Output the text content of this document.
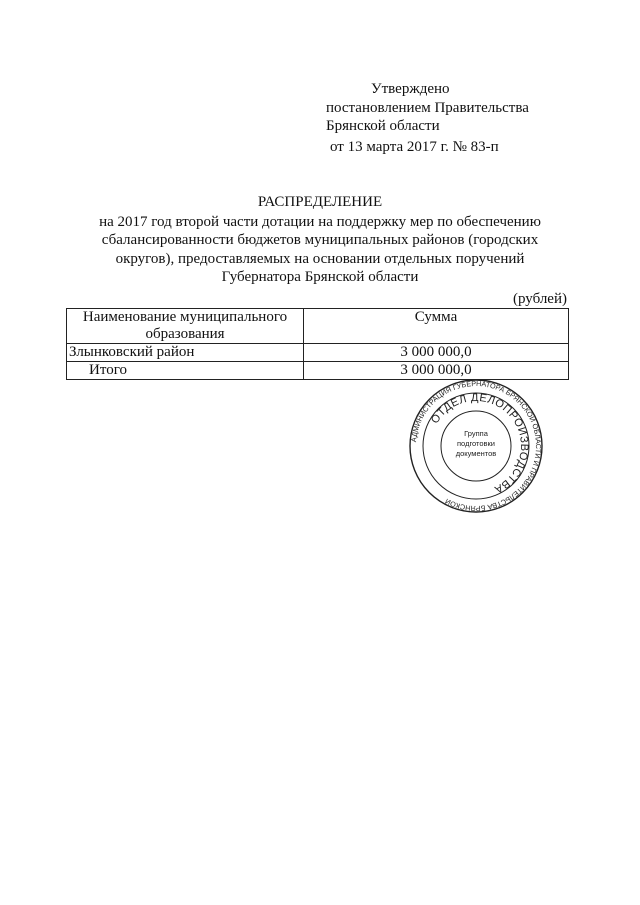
Утверждено
постановлением Правительства
Брянской области
от 13 марта 2017 г. № 83-п
РАСПРЕДЕЛЕНИЕ
на 2017 год второй части дотации на поддержку мер по обеспечению
сбалансированности бюджетов муниципальных районов (городских
округов), предоставляемых на основании отдельных поручений
Губернатора Брянской области
(рублей)
Наименование муниципального образования	Сумма
Злынковский район	3 000 000,0
Итого	3 000 000,0
АДМИНИСТРАЦИЯ ГУБЕРНАТОРА БРЯНСКОЙ ОБЛАСТИ И ПРАВИТЕЛЬСТВА БРЯНСКОЙ
ОТДЕЛ ДЕЛОПРОИЗВОДСТВА
Группа
подготовки
документов
